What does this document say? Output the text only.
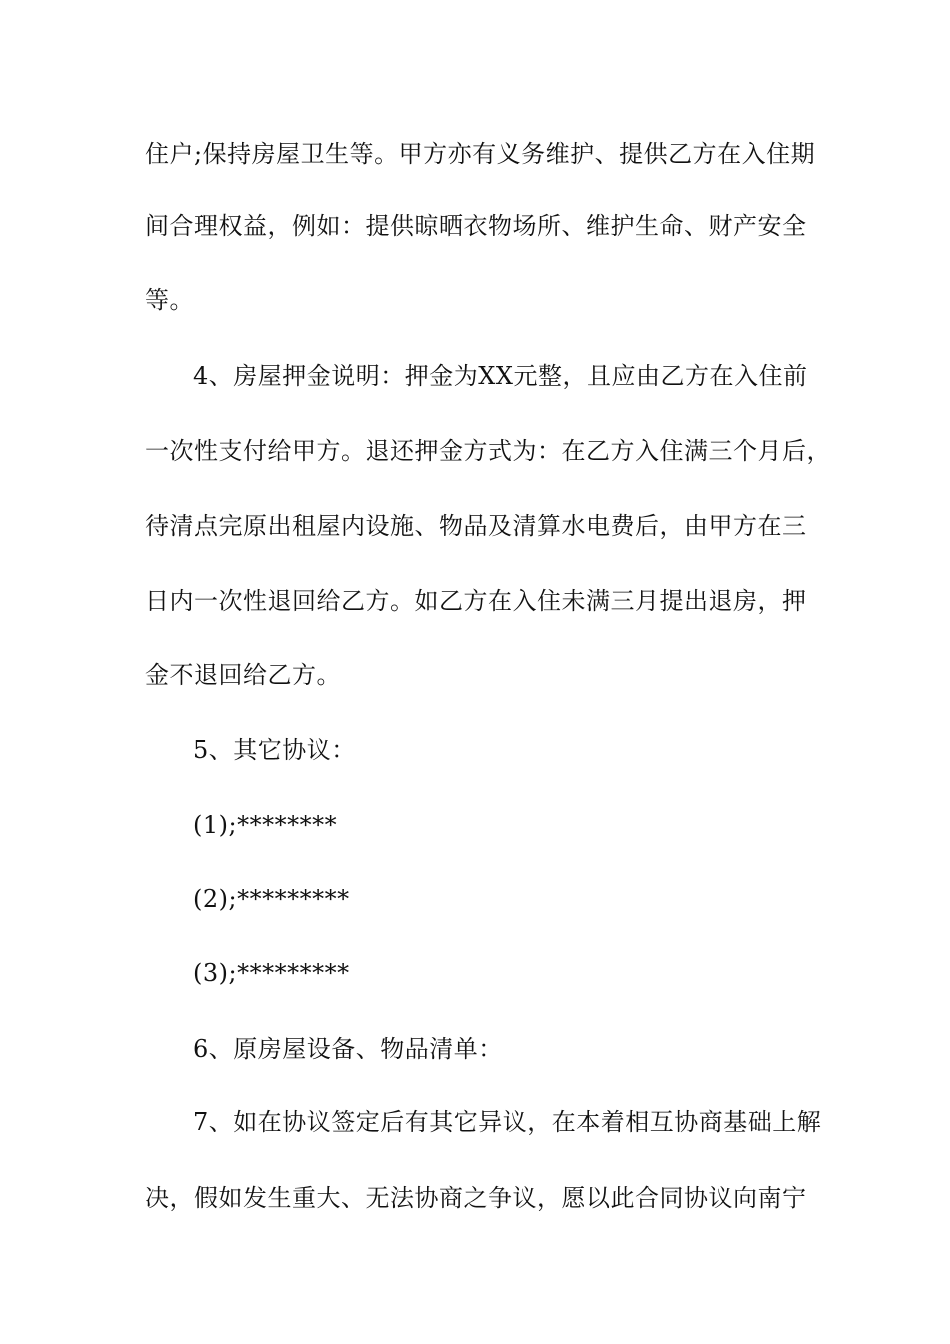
住户;保持房屋卫生等。甲方亦有义务维护、提供乙方在入住期
间合理权益，例如：提供晾晒衣物场所、维护生命、财产安全
等。
4、房屋押金说明：押金为XX元整，且应由乙方在入住前
一次性支付给甲方。退还押金方式为：在乙方入住满三个月后，
待清点完原出租屋内设施、物品及清算水电费后，由甲方在三
日内一次性退回给乙方。如乙方在入住未满三月提出退房，押
金不退回给乙方。
5、其它协议：
(1);********
(2);*********
(3);*********
6、原房屋设备、物品清单：
7、如在协议签定后有其它异议，在本着相互协商基础上解
决，假如发生重大、无法协商之争议，愿以此合同协议向南宁
